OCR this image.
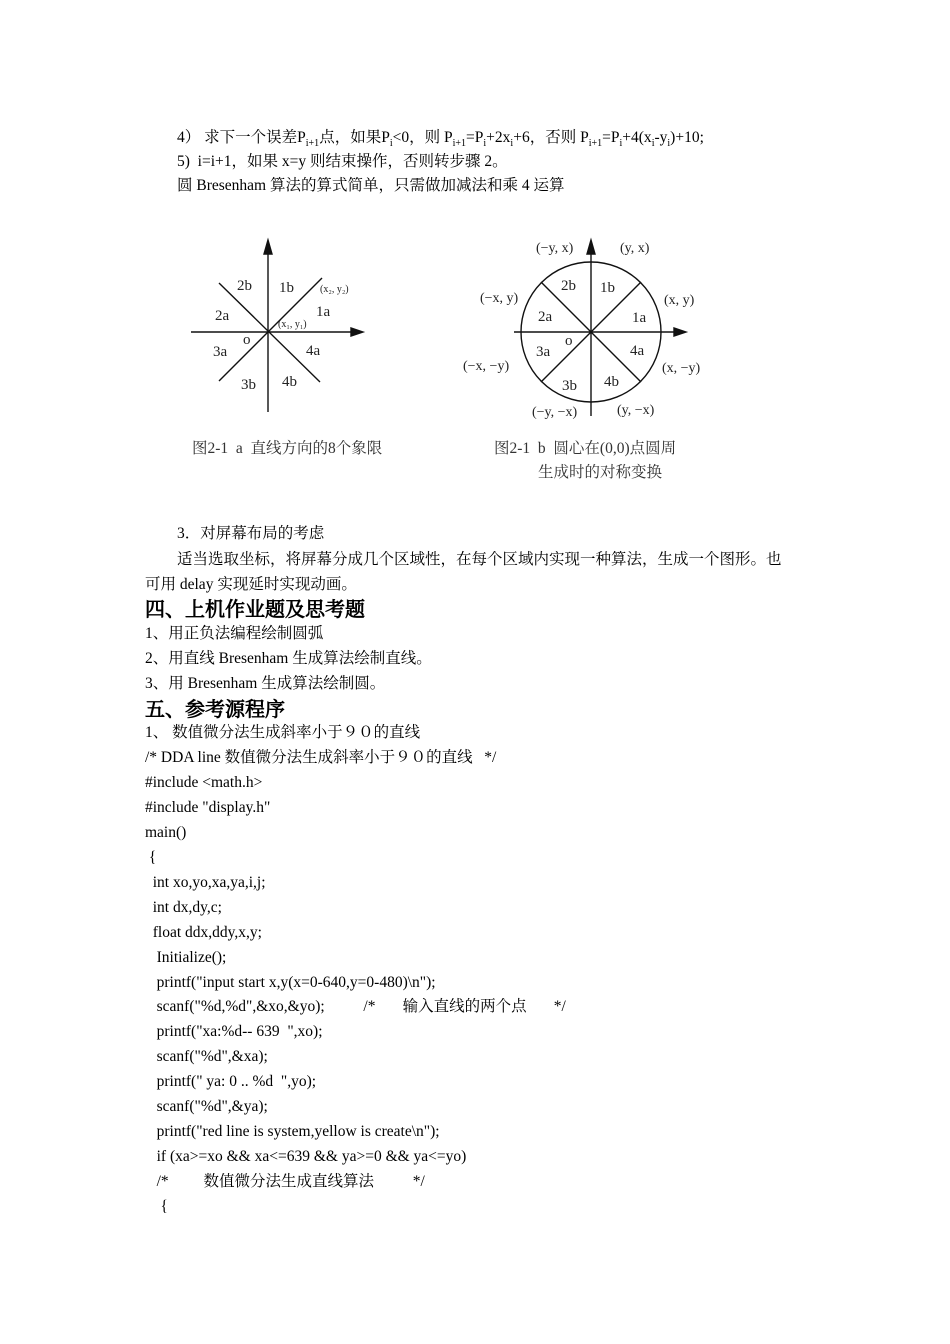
4） 求下一个误差$P_{i+1}$点，如果$P_i<0$，则 $P_{i+1}=P_i+2x_i+6$，否则 $P_{i+1}=P_i+4(x_i-y_i)+10$;
5)  i=i+1，如果 x=y 则结束操作，否则转步骤 2。
圆 Bresenham 算法的算式简单，只需做加减法和乘 4 运算
2b 1b	(x₂, y₂)
2a	1a
(x₁, y₁)
o
3a	4a
3b 4b
图2-1  a  直线方向的8个象限
(−y, x)	(y, x)
(−x, y)	(x, y)
(−x, −y)	(x, −y)
(−y, −x)	(y, −x)
2b 1b
2a	1a
o
3a	4a
3b 4b
图2-1  b  圆心在(0,0)点圆周
生成时的对称变换
3．对屏幕布局的考虑
适当选取坐标，将屏幕分成几个区域性，在每个区域内实现一种算法，生成一个图形。也
可用 delay 实现延时实现动画。
四、上机作业题及思考题
1、用正负法编程绘制圆弧
2、用直线 Bresenham 生成算法绘制直线。
3、用 Bresenham 生成算法绘制圆。
五、参考源程序
1、 数值微分法生成斜率小于９０的直线
/* DDA line 数值微分法生成斜率小于９０的直线   */
#include <math.h>
#include "display.h"
main()
{
int xo,yo,xa,ya,i,j;
int dx,dy,c;
float ddx,ddy,x,y;
Initialize();
printf("input start x,y(x=0-640,y=0-480)\n");
scanf("%d,%d",&xo,&yo);          /*       输入直线的两个点       */
printf("xa:%d-- 639  ",xo);
scanf("%d",&xa);
printf(" ya: 0 .. %d  ",yo);
scanf("%d",&ya);
printf("red line is system,yellow is create\n");
if (xa>=xo && xa<=639 && ya>=0 && ya<=yo)
/*         数值微分法生成直线算法          */
{
